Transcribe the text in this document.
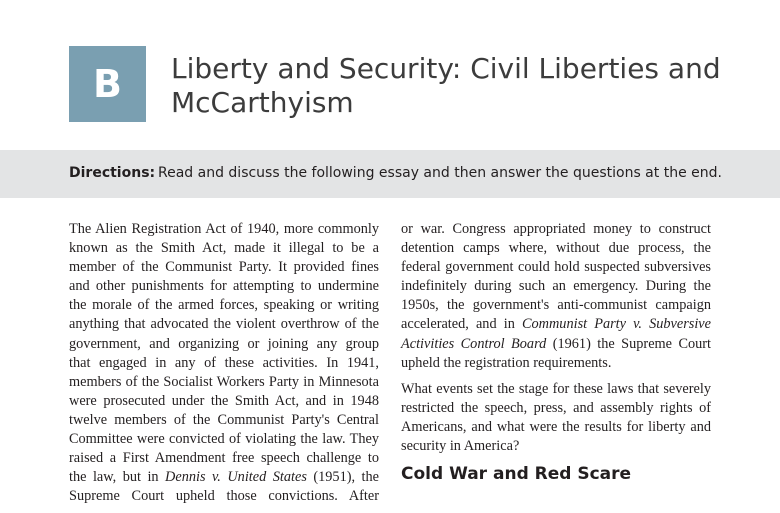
B Liberty and Security: Civil Liberties and McCarthyism
Directions: Read and discuss the following essay and then answer the questions at the end.

The Alien Registration Act of 1940, more commonly
known as the Smith Act, made it illegal to be a
member of the Communist Party. It provided fines
and other punishments for attempting to undermine
the morale of the armed forces, speaking or writing
anything that advocated the violent overthrow of the
government, and organizing or joining any group
that engaged in any of these activities. In 1941,
members of the Socialist Workers Party in Minnesota
were prosecuted under the Smith Act, and in 1948
twelve members of the Communist Party's Central
Committee were convicted of violating the law. They
raised a First Amendment free speech challenge to
the law, but in Dennis v. United States (1951), the
Supreme Court upheld those convictions. After

or war. Congress appropriated money to construct
detention camps where, without due process, the
federal government could hold suspected subversives
indefinitely during such an emergency. During the
1950s, the government's anti-communist campaign
accelerated, and in Communist Party v. Subversive
Activities Control Board (1961) the Supreme Court
upheld the registration requirements.

What events set the stage for these laws that severely
restricted the speech, press, and assembly rights of
Americans, and what were the results for liberty and
security in America?

Cold War and Red Scare
